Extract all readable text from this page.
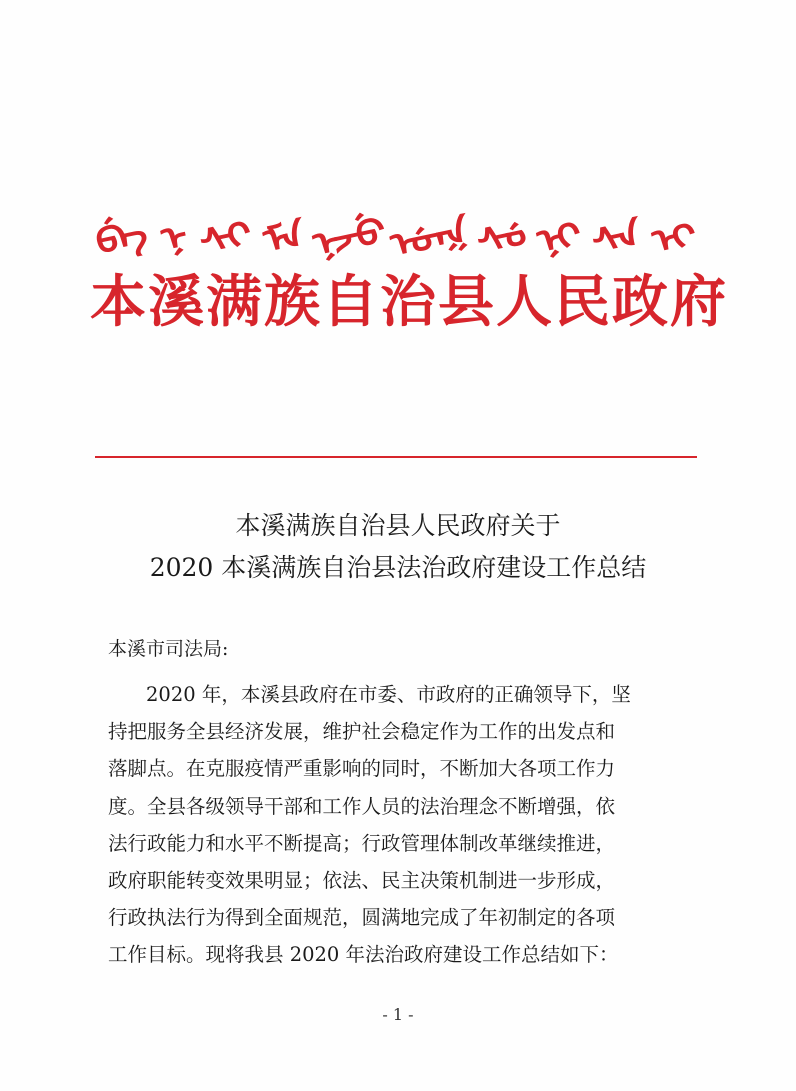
ᠪᡝ ᠨ ᠰᡳ ᠮᠠ ᠨᠵᡠ
ᡠᡴ ᠰᡠ ᠨᡳ ᠰᠠ ᡳ
本溪满族自治县人民政府
本溪满族自治县人民政府关于
2020 本溪满族自治县法治政府建设工作总结
本溪市司法局:
2020 年，本溪县政府在市委、市政府的正确领导下，坚
持把服务全县经济发展，维护社会稳定作为工作的出发点和
落脚点。在克服疫情严重影响的同时，不断加大各项工作力
度。全县各级领导干部和工作人员的法治理念不断增强，依
法行政能力和水平不断提高；行政管理体制改革继续推进，
政府职能转变效果明显；依法、民主决策机制进一步形成，
行政执法行为得到全面规范，圆满地完成了年初制定的各项
工作目标。现将我县 2020 年法治政府建设工作总结如下：
- 1 -
